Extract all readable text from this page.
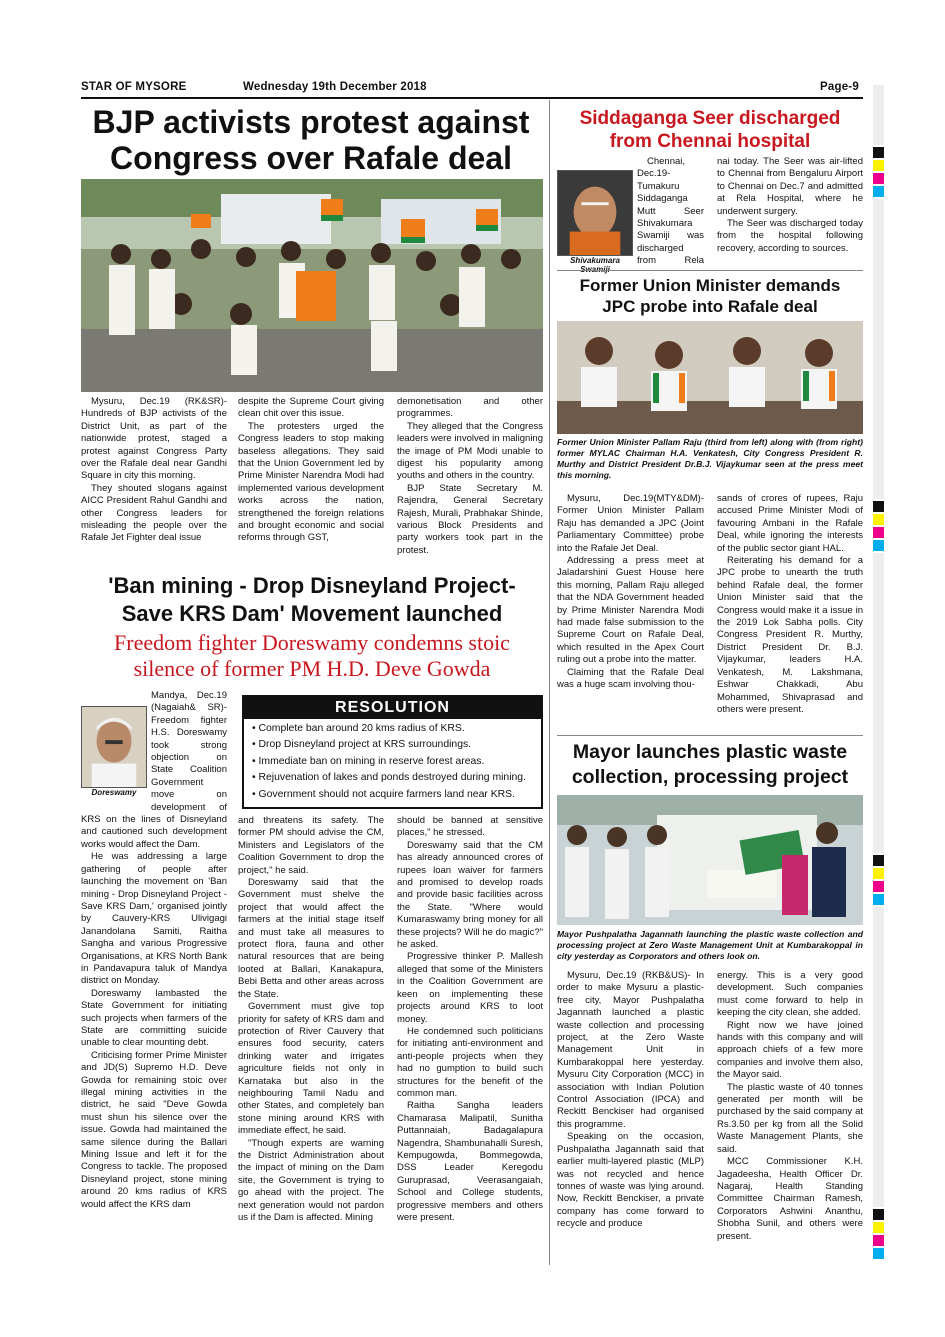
STAR OF MYSORE	Wednesday 19th December 2018	Page-9
BJP activists protest against
Congress over Rafale deal

Mysuru, Dec.19 (RK&SR)- Hundreds of BJP activists of the District Unit, as part of the nationwide protest, staged a protest against Congress Party over the Rafale deal near Gandhi Square in city this morning.

They shouted slogans against AICC President Rahul Gandhi and other Congress leaders for misleading the people over the Rafale Jet Fighter deal issue

despite the Supreme Court giving clean chit over this issue.

The protesters urged the Congress leaders to stop making baseless allegations. They said that the Union Government led by Prime Minister Narendra Modi had implemented various development works across the nation, strengthened the foreign relations and brought economic and social reforms through GST,

demonetisation and other programmes.

They alleged that the Congress leaders were involved in maligning the image of PM Modi unable to digest his popularity among youths and others in the country.

BJP State Secretary M. Rajendra, General Secretary Rajesh, Murali, Prabhakar Shinde, various Block Presidents and party workers took part in the protest.

'Ban mining - Drop Disneyland Project-
Save KRS Dam' Movement launched
Freedom fighter Doreswamy condemns stoic
silence of former PM H.D. Deve Gowda
Doreswamy

Mandya, Dec.19 (Nagaiah& SR)- Freedom fighter H.S. Doreswamy took strong objection on State Coalition Government move on development of KRS on the lines of Disneyland and cautioned such development works would affect the Dam.

He was addressing a large gathering of people after launching the movement on 'Ban mining - Drop Disneyland Project - Save KRS Dam,' organised jointly by Cauvery-KRS Ulivigagi Janandolana Samiti, Raitha Sangha and various Progressive Organisations, at KRS North Bank in Pandavapura taluk of Mandya district on Monday.

Doreswamy lambasted the State Government for initiating such projects when farmers of the State are committing suicide unable to clear mounting debt.

Criticising former Prime Minister and JD(S) Supremo H.D. Deve Gowda for remaining stoic over illegal mining activities in the district, he said "Deve Gowda must shun his silence over the issue. Gowda had maintained the same silence during the Ballari Mining Issue and left it for the Congress to tackle. The proposed Disneyland project, stone mining around 20 kms radius of KRS would affect the KRS dam

RESOLUTION
• Complete ban around 20 kms radius of KRS.
• Drop Disneyland project at KRS surroundings.
• Immediate ban on mining in reserve forest areas.
• Rejuvenation of lakes and ponds destroyed during mining.
• Government should not acquire farmers land near KRS.

and threatens its safety. The former PM should advise the CM, Ministers and Legislators of the Coalition Government to drop the project," he said.

Doreswamy said that the Government must shelve the project that would affect the farmers at the initial stage itself and must take all measures to protect flora, fauna and other natural resources that are being looted at Ballari, Kanakapura, Bebi Betta and other areas across the State.

Government must give top priority for safety of KRS dam and protection of River Cauvery that ensures food security, caters drinking water and irrigates agriculture fields not only in Karnataka but also in the neighbouring Tamil Nadu and other States, and completely ban stone mining around KRS with immediate effect, he said.

"Though experts are warning the District Administration about the impact of mining on the Dam site, the Government is trying to go ahead with the project. The next generation would not pardon us if the Dam is affected. Mining

should be banned at sensitive places," he stressed.

Doreswamy said that the CM has already announced crores of rupees loan waiver for farmers and promised to develop roads and provide basic facilities across the State. "Where would Kumaraswamy bring money for all these projects? Will he do magic?" he asked.

Progressive thinker P. Mallesh alleged that some of the Ministers in the Coalition Government are keen on implementing these projects around KRS to loot money.

He condemned such politicians for initiating anti-environment and anti-people projects when they had no gumption to build such structures for the benefit of the common man.

Raitha Sangha leaders Chamarasa Malipatil, Sunitha Puttannaiah, Badagalapura Nagendra, Shambunahalli Suresh, Kempugowda, Bommegowda, DSS Leader Keregodu Guruprasad, Veerasangaiah, School and College students, progressive members and others were present.

Siddaganga Seer discharged
from Chennai hospital
Shivakumara

Chennai, Dec.19- Tumakuru Siddaganga Mutt Seer Shivakumara Swamiji was discharged from Rela

nai today. The Seer was air-lifted to Chennai from Bengaluru Airport to Chennai on Dec.7 and admitted at Rela Hospital, where he underwent surgery.

The Seer was discharged today from the hospital following recovery, according to sources.

Former Union Minister demands
JPC probe into Rafale deal
Former Union Minister Pallam Raju (third from left) along with (from right) former MYLAC Chairman H.A. Venkatesh, City Congress President R. Murthy and District President Dr.B.J. Vijaykumar seen at the press meet this morning.

Mysuru, Dec.19(MTY&DM)- Former Union Minister Pallam Raju has demanded a JPC (Joint Parliamentary Committee) probe into the Rafale Jet Deal.

Addressing a press meet at Jaladarshini Guest House here this morning, Pallam Raju alleged that the NDA Government headed by Prime Minister Narendra Modi had made false submission to the Supreme Court on Rafale Deal, which resulted in the Apex Court ruling out a probe into the matter.

Claiming that the Rafale Deal was a huge scam involving thou-

sands of crores of rupees, Raju accused Prime Minister Modi of favouring Ambani in the Rafale Deal, while ignoring the interests of the public sector giant HAL.

Reiterating his demand for a JPC probe to unearth the truth behind Rafale deal, the former Union Minister said that the Congress would make it a issue in the 2019 Lok Sabha polls. City Congress President R. Murthy, District President Dr. B.J. Vijaykumar, leaders H.A. Venkatesh, M. Lakshmana, Eshwar Chakkadi, Abu Mohammed, Shivaprasad and others were present.

Mayor launches plastic waste
collection, processing project
Mayor Pushpalatha Jagannath launching the plastic waste collection and processing project at Zero Waste Management Unit at Kumbarakoppal in city yesterday as Corporators and others look on.

Mysuru, Dec.19 (RKB&US)- In order to make Mysuru a plastic-free city, Mayor Pushpalatha Jagannath launched a plastic waste collection and processing project, at the Zero Waste Management Unit in Kumbarakoppal here yesterday. Mysuru City Corporation (MCC) in association with Indian Polution Control Association (IPCA) and Reckitt Benckiser had organised this programme.

Speaking on the occasion, Pushpalatha Jagannath said that earlier multi-layered plastic (MLP) was not recycled and hence tonnes of waste was lying around. Now, Reckitt Benckiser, a private company has come forward to recycle and produce

energy. This is a very good development. Such companies must come forward to help in keeping the city clean, she added.

Right now we have joined hands with this company and will approach chiefs of a few more companies and involve them also, the Mayor said.

The plastic waste of 40 tonnes generated per month will be purchased by the said company at Rs.3.50 per kg from all the Solid Waste Management Plants, she said.

MCC Commissioner K.H. Jagadeesha, Health Officer Dr. Nagaraj, Health Standing Committee Chairman Ramesh, Corporators Ashwini Ananthu, Shobha Sunil, and others were present.
